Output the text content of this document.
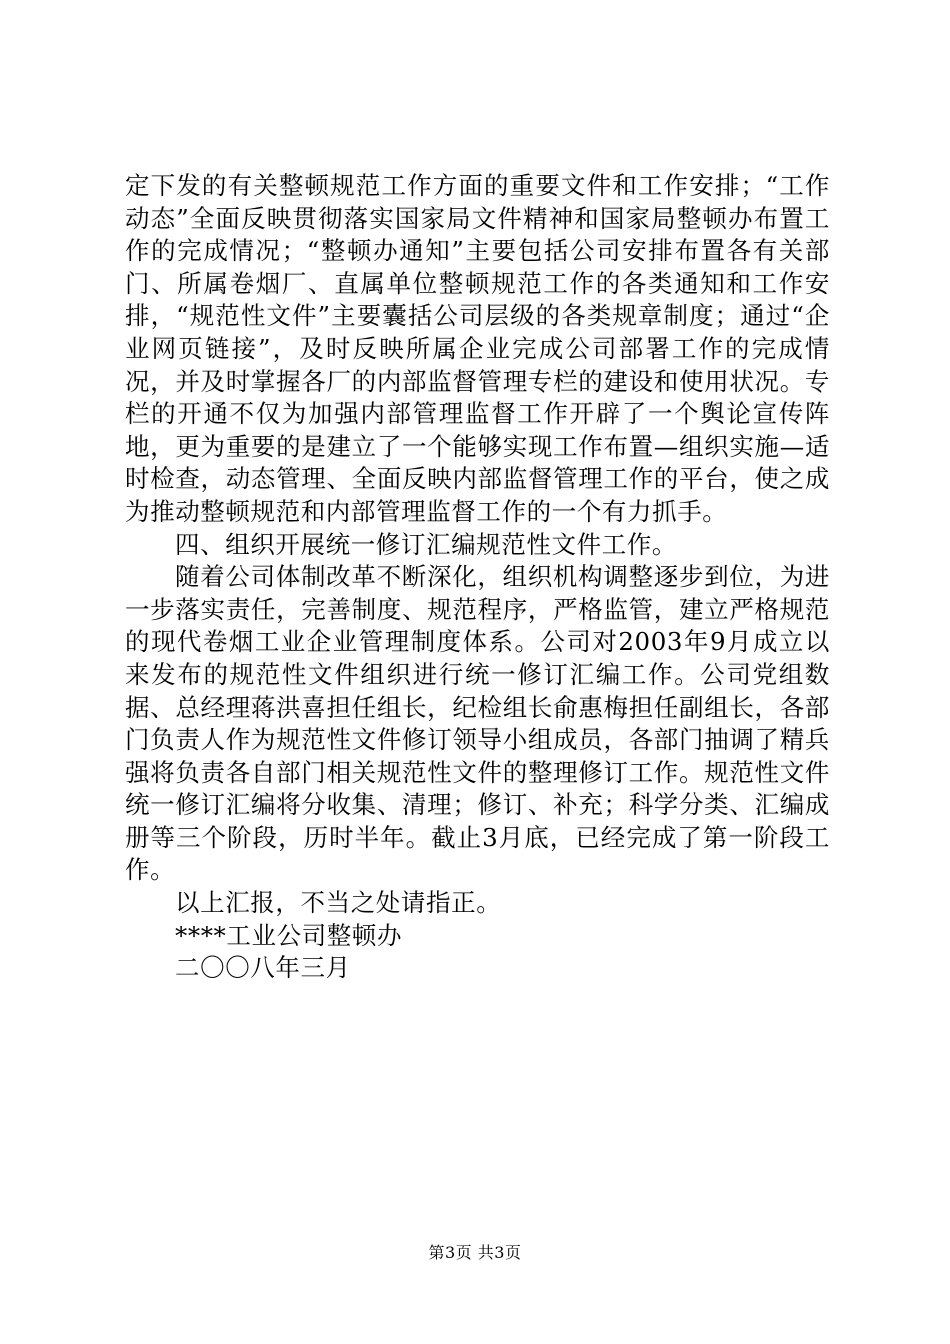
定下发的有关整顿规范工作方面的重要文件和工作安排；“工作动态”全面反映贯彻落实国家局文件精神和国家局整顿办布置工作的完成情况；“整顿办通知”主要包括公司安排布置各有关部门、所属卷烟厂、直属单位整顿规范工作的各类通知和工作安排，“规范性文件”主要囊括公司层级的各类规章制度；通过“企业网页链接”，及时反映所属企业完成公司部署工作的完成情况，并及时掌握各厂的内部监督管理专栏的建设和使用状况。专栏的开通不仅为加强内部管理监督工作开辟了一个舆论宣传阵地，更为重要的是建立了一个能够实现工作布置—组织实施—适时检查，动态管理、全面反映内部监督管理工作的平台，使之成为推动整顿规范和内部管理监督工作的一个有力抓手。

四、组织开展统一修订汇编规范性文件工作。

随着公司体制改革不断深化，组织机构调整逐步到位，为进一步落实责任，完善制度、规范程序，严格监管，建立严格规范的现代卷烟工业企业管理制度体系。公司对2003年9月成立以来发布的规范性文件组织进行统一修订汇编工作。公司党组数据、总经理蒋洪喜担任组长，纪检组长俞惠梅担任副组长，各部门负责人作为规范性文件修订领导小组成员，各部门抽调了精兵强将负责各自部门相关规范性文件的整理修订工作。规范性文件统一修订汇编将分收集、清理；修订、补充；科学分类、汇编成册等三个阶段，历时半年。截止3月底，已经完成了第一阶段工作。

以上汇报，不当之处请指正。

****工业公司整顿办

二〇〇八年三月

第3页 共3页
